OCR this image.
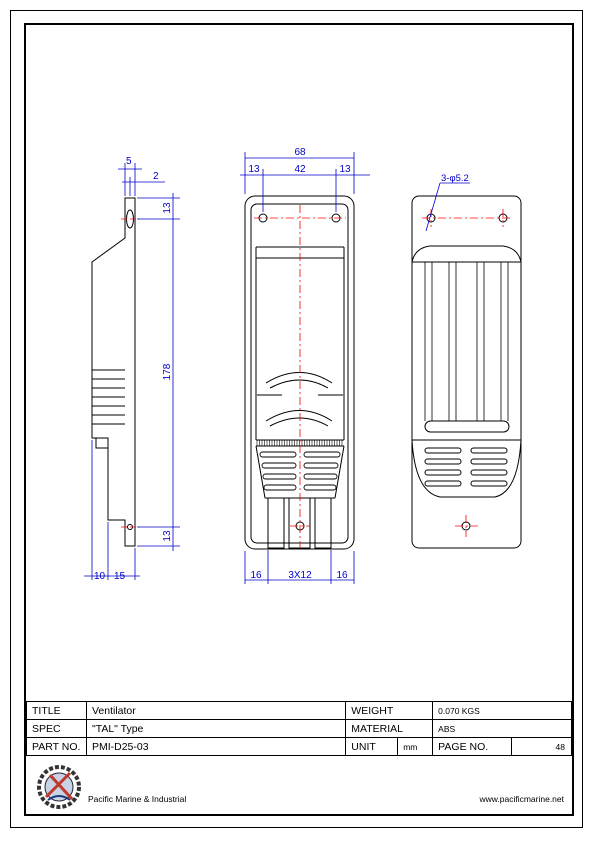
5
2
13
178
13
10 15
68
13	42	13
16	3X12 16
3-φ5.2
TITLE	Ventilator	WEIGHT		0.070 KGS	
SPEC	"TAL" Type	MATERIAL		ABS	
PART NO.	PMI-D25-03	UNIT	mm	PAGE NO.	48
Pacific Marine & Industrial	www.pacificmarine.net
